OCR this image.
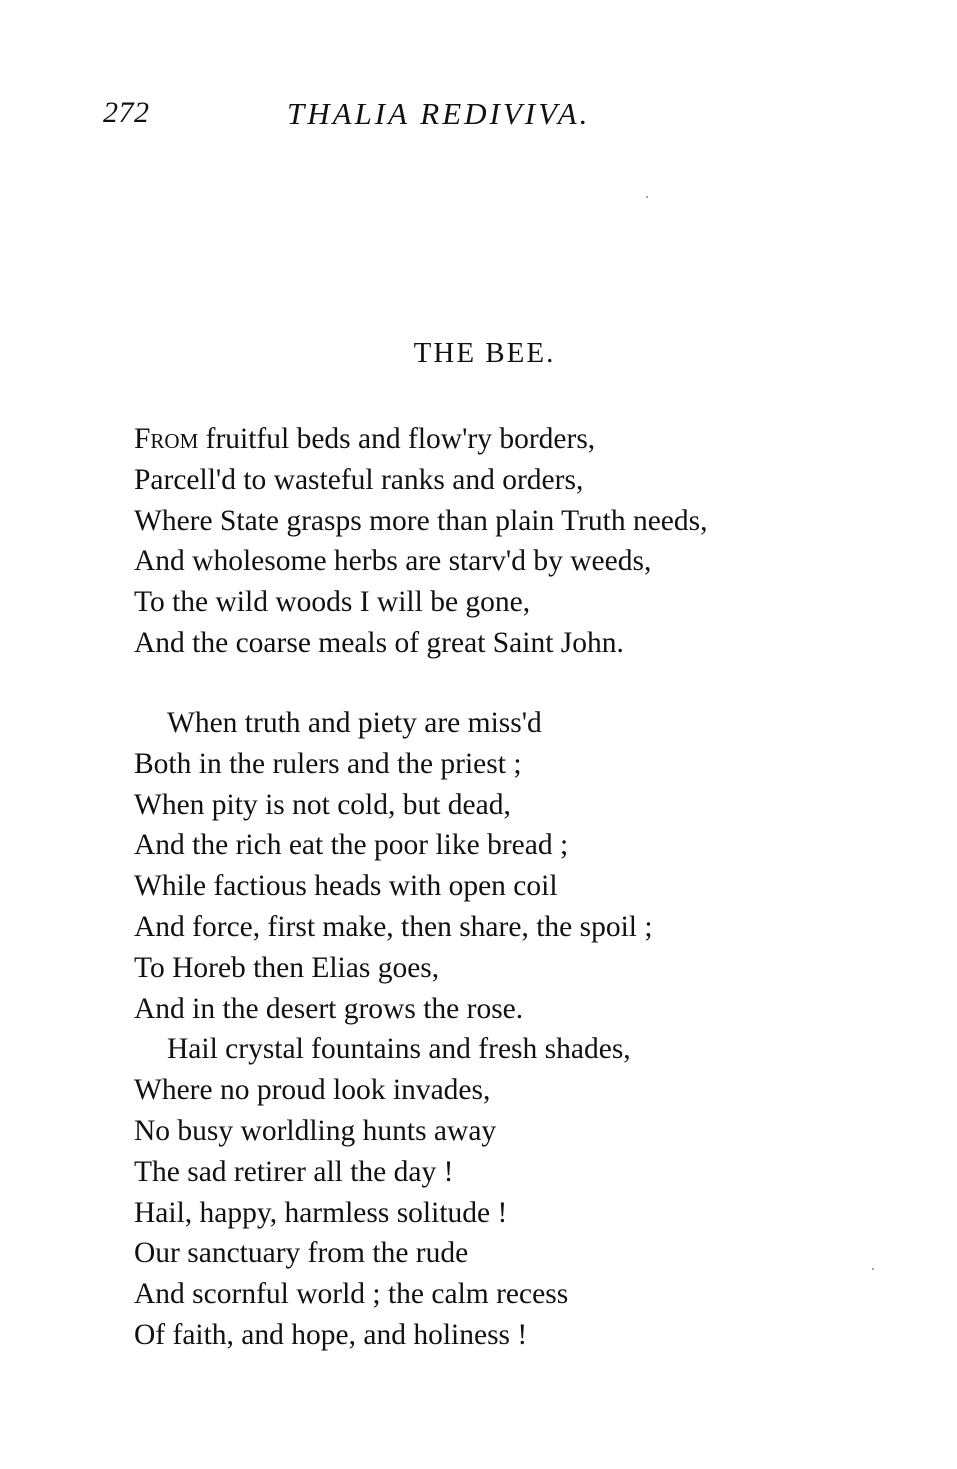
272	THALIA REDIVIVA.
THE BEE.
From fruitful beds and flow'ry borders,
Parcell'd to wasteful ranks and orders,
Where State grasps more than plain Truth needs,
And wholesome herbs are starv'd by weeds,
To the wild woods I will be gone,
And the coarse meals of great Saint John.
When truth and piety are miss'd
Both in the rulers and the priest ;
When pity is not cold, but dead,
And the rich eat the poor like bread ;
While factious heads with open coil
And force, first make, then share, the spoil ;
To Horeb then Elias goes,
And in the desert grows the rose.
Hail crystal fountains and fresh shades,
Where no proud look invades,
No busy worldling hunts away
The sad retirer all the day !
Hail, happy, harmless solitude !
Our sanctuary from the rude
And scornful world ; the calm recess
Of faith, and hope, and holiness !
